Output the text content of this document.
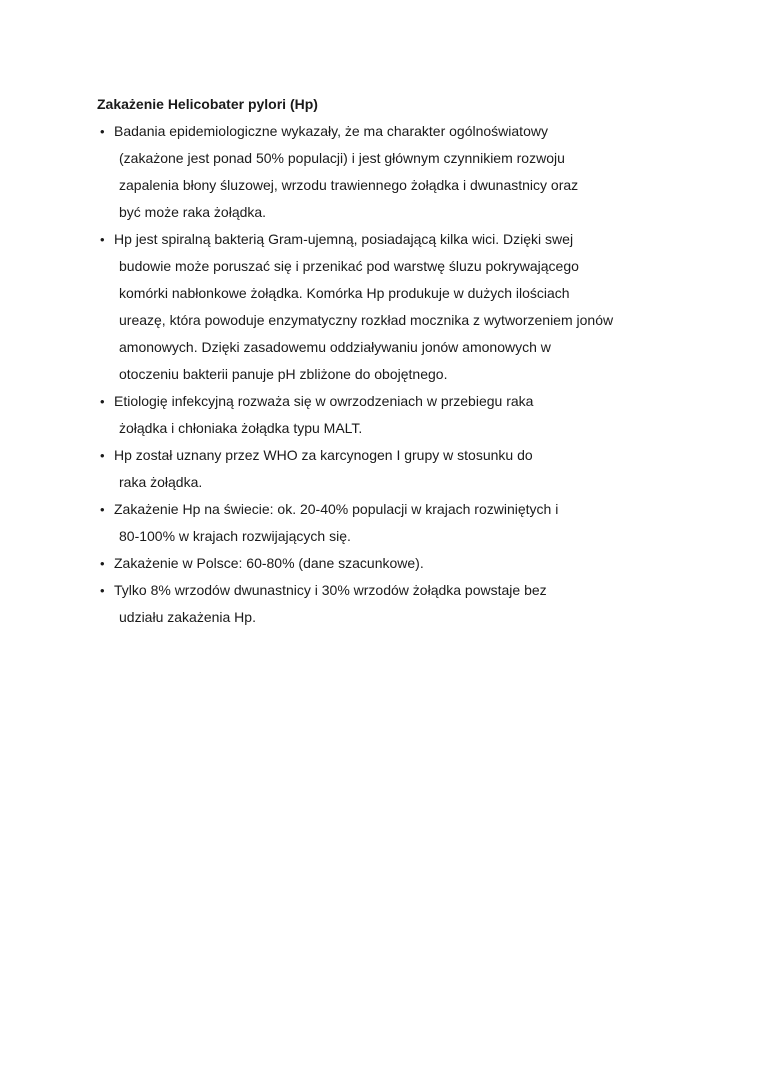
Zakażenie Helicobater pylori (Hp)
• Badania epidemiologiczne wykazały, że ma charakter ogólnoświatowy
(zakażone jest ponad 50% populacji) i jest głównym czynnikiem rozwoju
zapalenia błony śluzowej, wrzodu trawiennego żołądka i dwunastnicy oraz
być może raka żołądka.
• Hp jest spiralną bakterią Gram-ujemną, posiadającą kilka wici. Dzięki swej
budowie może poruszać się i przenikać pod warstwę śluzu pokrywającego
komórki nabłonkowe żołądka. Komórka Hp produkuje w dużych ilościach
ureazę, która powoduje enzymatyczny rozkład mocznika z wytworzeniem jonów
amonowych. Dzięki zasadowemu oddziaływaniu jonów amonowych w
otoczeniu bakterii panuje pH zbliżone do obojętnego.
• Etiologię infekcyjną rozważa się w owrzodzeniach w przebiegu raka
żołądka i chłoniaka żołądka typu MALT.
• Hp został uznany przez WHO za karcynogen I grupy w stosunku do
raka żołądka.
• Zakażenie Hp na świecie: ok. 20-40% populacji w krajach rozwiniętych i
80-100% w krajach rozwijających się.
• Zakażenie w Polsce: 60-80% (dane szacunkowe).
• Tylko 8% wrzodów dwunastnicy i 30% wrzodów żołądka powstaje bez
udziału zakażenia Hp.
